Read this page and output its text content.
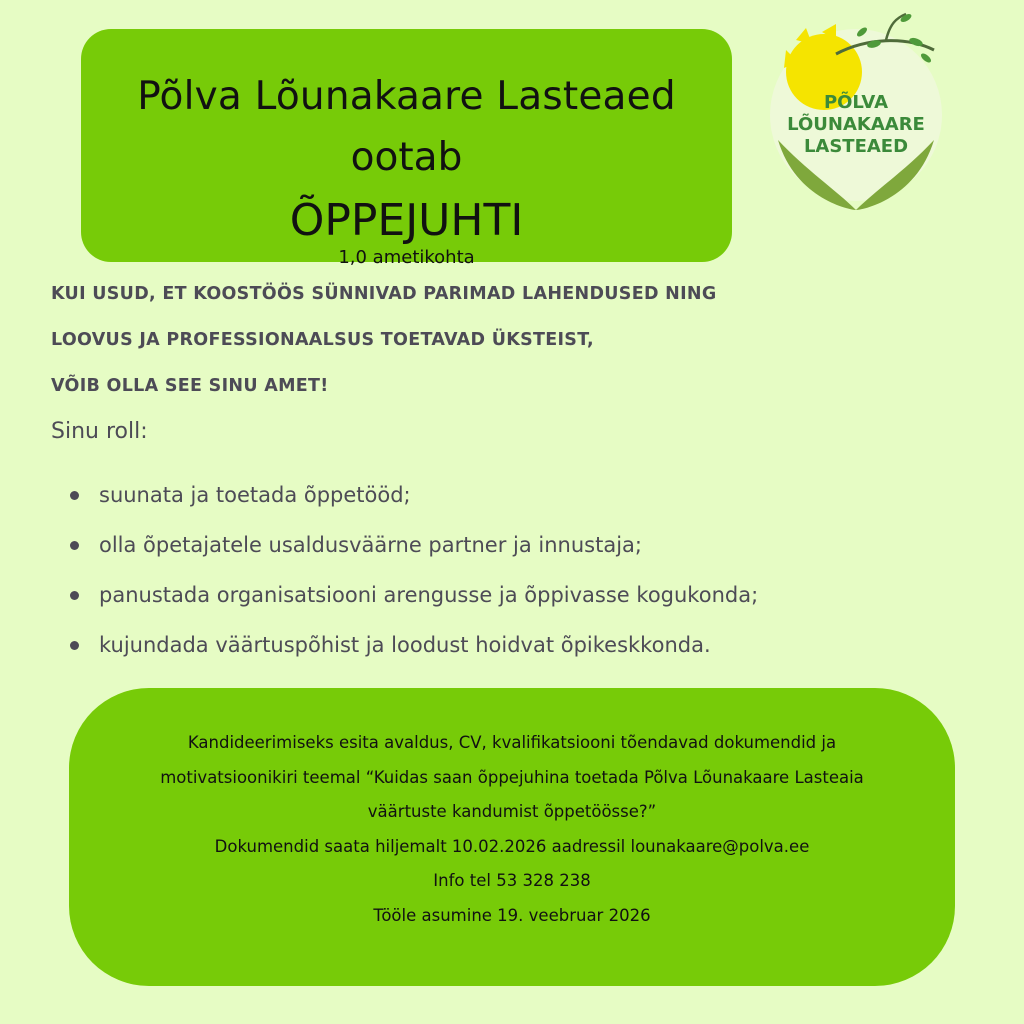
Põlva Lõunakaare Lasteaed
ootab
ÕPPEJUHTI
1,0 ametikohta
PÕLVA
LÕUNAKAARE
LASTEAED
KUI USUD, ET KOOSTÖÖS SÜNNIVAD PARIMAD LAHENDUSED NING
LOOVUS JA PROFESSIONAALSUS TOETAVAD ÜKSTEIST,
VÕIB OLLA SEE SINU AMET!
Sinu roll:
suunata ja toetada õppetööd;
olla õpetajatele usaldusväärne partner ja innustaja;
panustada organisatsiooni arengusse ja õppivasse kogukonda;
kujundada väärtuspõhist ja loodust hoidvat õpikeskkonda.
Kandideerimiseks esita avaldus, CV, kvalifikatsiooni tõendavad dokumendid ja
motivatsioonikiri teemal “Kuidas saan õppejuhina toetada Põlva Lõunakaare Lasteaia
väärtuste kandumist õppetöösse?”
Dokumendid saata hiljemalt 10.02.2026 aadressil lounakaare@polva.ee
Info tel 53 328 238
Tööle asumine 19. veebruar 2026
